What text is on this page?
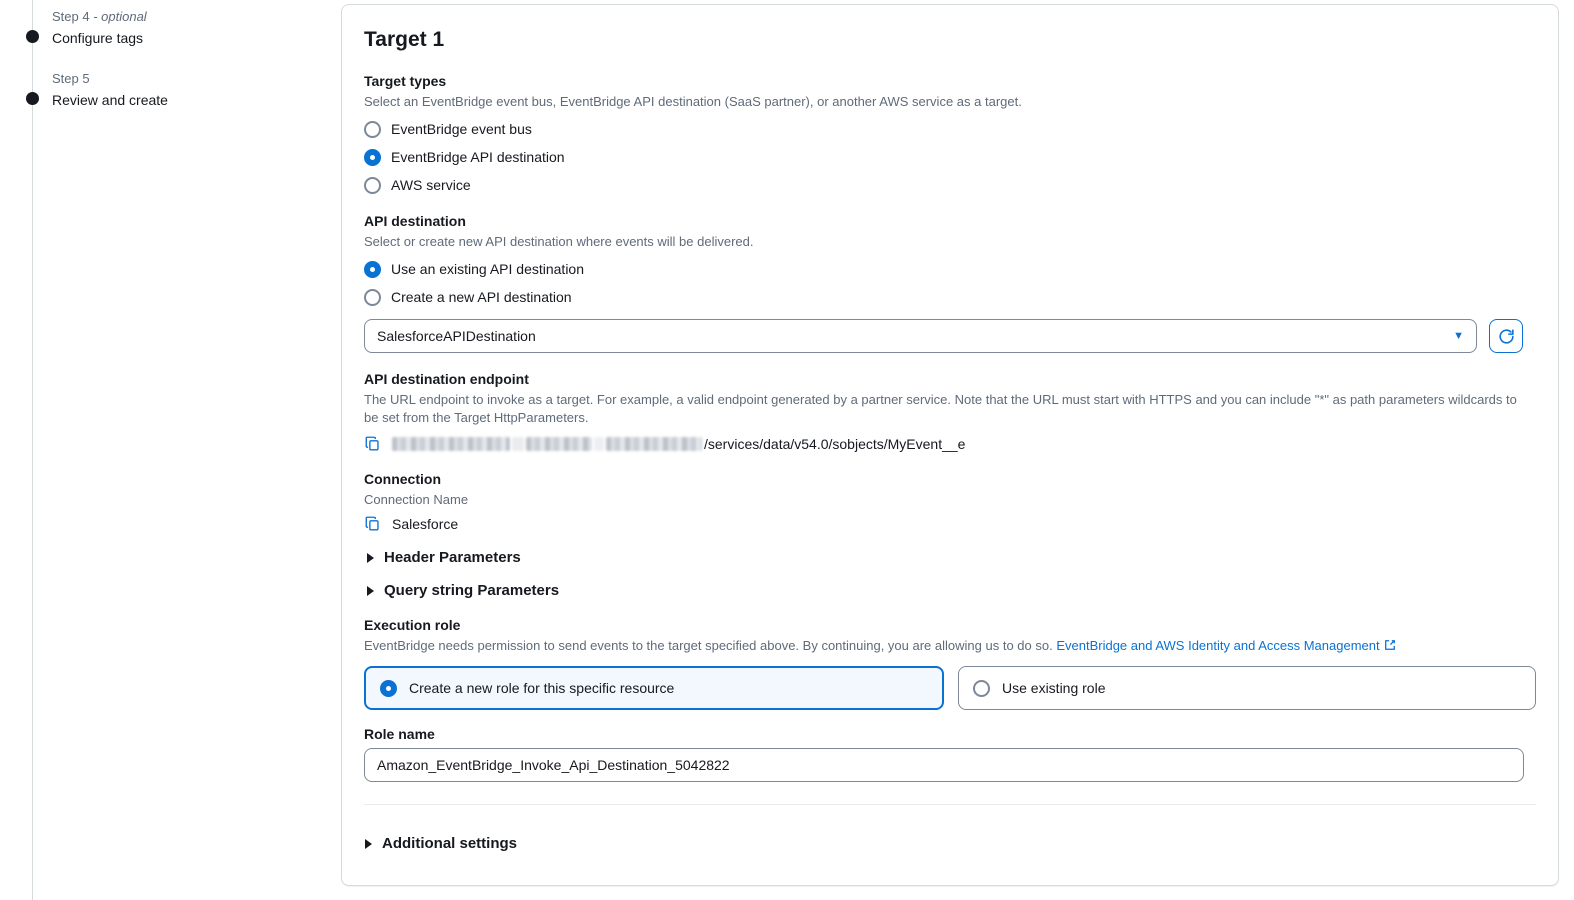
Step 4 - optional
Configure tags
Step 5
Review and create
Target 1
Target types
Select an EventBridge event bus, EventBridge API destination (SaaS partner), or another AWS service as a target.
EventBridge event bus
EventBridge API destination
AWS service
API destination
Select or create new API destination where events will be delivered.
Use an existing API destination
Create a new API destination
SalesforceAPIDestination	▼
API destination endpoint
The URL endpoint to invoke as a target. For example, a valid endpoint generated by a partner service. Note that the URL must start with HTTPS and you can include "*" as path parameters wildcards to be set from the Target HttpParameters.
/services/data/v54.0/sobjects/MyEvent__e
Connection
Connection Name
Salesforce
Header Parameters
Query string Parameters
Execution role
EventBridge needs permission to send events to the target specified above. By continuing, you are allowing us to do so. EventBridge and AWS Identity and Access Management
Create a new role for this specific resource	Use existing role
Role name
Amazon_EventBridge_Invoke_Api_Destination_5042822
Additional settings
